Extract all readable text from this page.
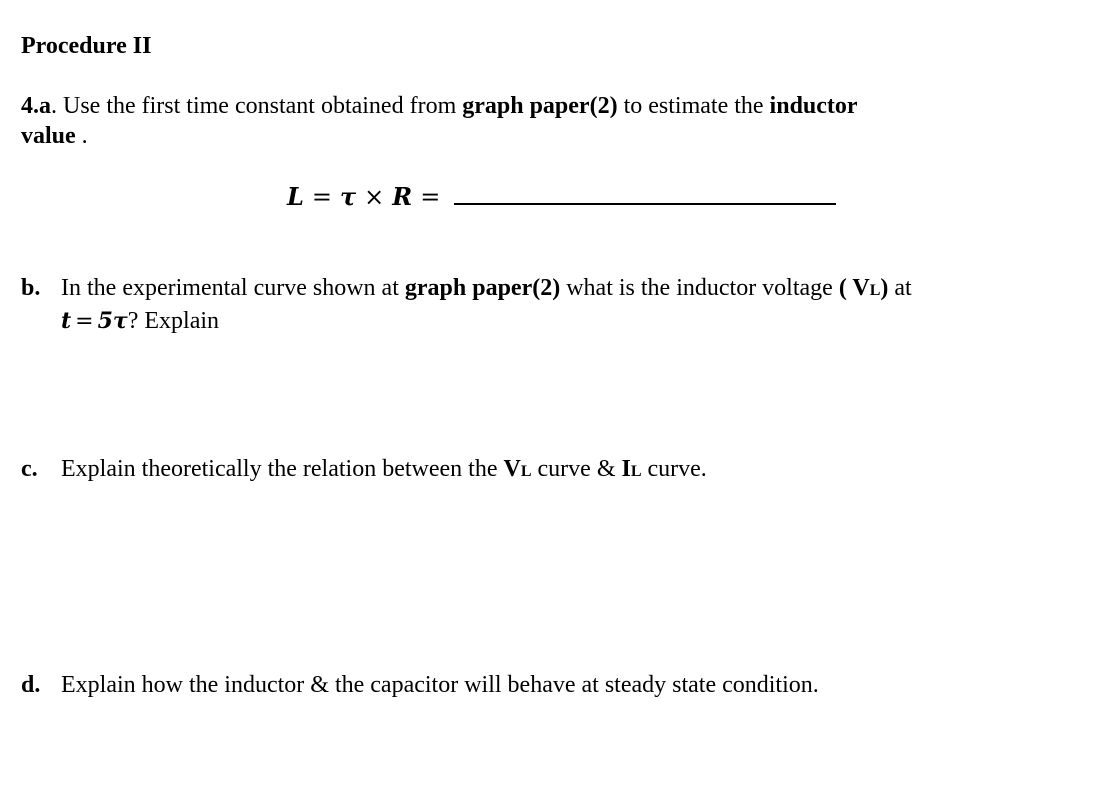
Procedure II

4.a. Use the first time constant obtained from graph paper(2) to estimate the inductor
value .

L = τ × R =
b. In the experimental curve shown at graph paper(2) what is the inductor voltage ( VL) at
t = 5τ? Explain
c. Explain theoretically the relation between the VL curve & IL curve.
d. Explain how the inductor & the capacitor will behave at steady state condition.
